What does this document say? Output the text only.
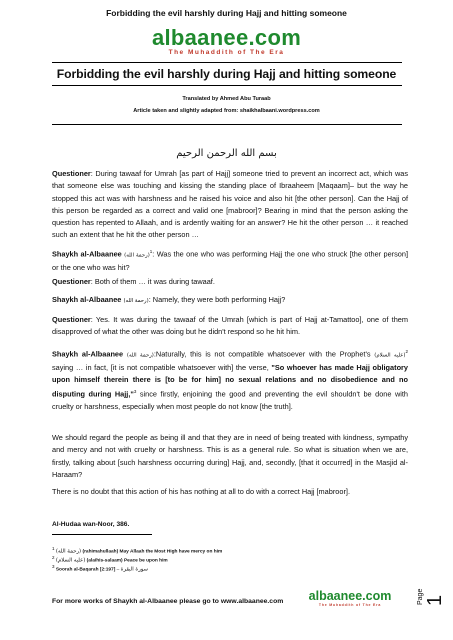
Forbidding the evil harshly during Hajj and hitting someone
albaanee.com
The Muhaddith of The Era
Forbidding the evil harshly during Hajj and hitting someone
Translated by Ahmed Abu Turaab
Article taken and slightly adapted from: shaikhalbaani.wordpress.com
بسم الله الرحمن الرحيم
Questioner: During tawaaf for Umrah [as part of Hajj] someone tried to prevent an incorrect act, which was that someone else was touching and kissing the standing place of Ibraaheem [Maqaam]– but the way he stopped this act was with harshness and he raised his voice and also hit [the other person]. Can the Hajj of this person be regarded as a correct and valid one [mabroor]? Bearing in mind that the person asking the question has repented to Allaah, and is ardently waiting for an answer? He hit the other person … it reached such an extent that he hit the other person …
Shaykh al-Albaanee (رحمة الله)$^1$: Was the one who was performing Hajj the one who struck [the other person] or the one who was hit?
Questioner: Both of them … it was during tawaaf.
Shaykh al-Albaanee (رحمة الله): Namely, they were both performing Hajj?
Questioner: Yes. It was during the tawaaf of the Umrah [which is part of Hajj at-Tamattoo], one of them disapproved of what the other was doing but he didn't respond so he hit him.
Shaykh al-Albaanee (رحمة الله):Naturally, this is not compatible whatsoever with the Prophet's (عليه السلام)$^2$ saying … in fact, [it is not compatible whatsoever with] the verse, "So whoever has made Hajj obligatory upon himself therein there is [to be for him] no sexual relations and no disobedience and no disputing during Hajj,"$^3$ since firstly, enjoining the good and preventing the evil shouldn't be done with cruelty or harshness, especially when most people do not know [the truth].
We should regard the people as being ill and that they are in need of being treated with kindness, sympathy and mercy and not with cruelty or harshness. This is as a general rule. So what is situation when we are, firstly, talking about [such harshness occurring during] Hajj, and, secondly, [that it occurred] in the Masjid al-Haraam?
There is no doubt that this action of his has nothing at all to do with a correct Hajj [mabroor].
Al-Hudaa wan-Noor, 386.
$^1$ (رحمة الله) (rahimahullaah) May Allaah the Most High have mercy on him
$^2$ (عليه السلام) (alaihis-salaam) Peace be upon him
$^3$ Soorah al-Baqarah [2:197] – سورة البقرة
For more works of Shaykh al-Albaanee please go to www.albaanee.com	albaanee.com
The Muhaddith of The Era	Page 1
